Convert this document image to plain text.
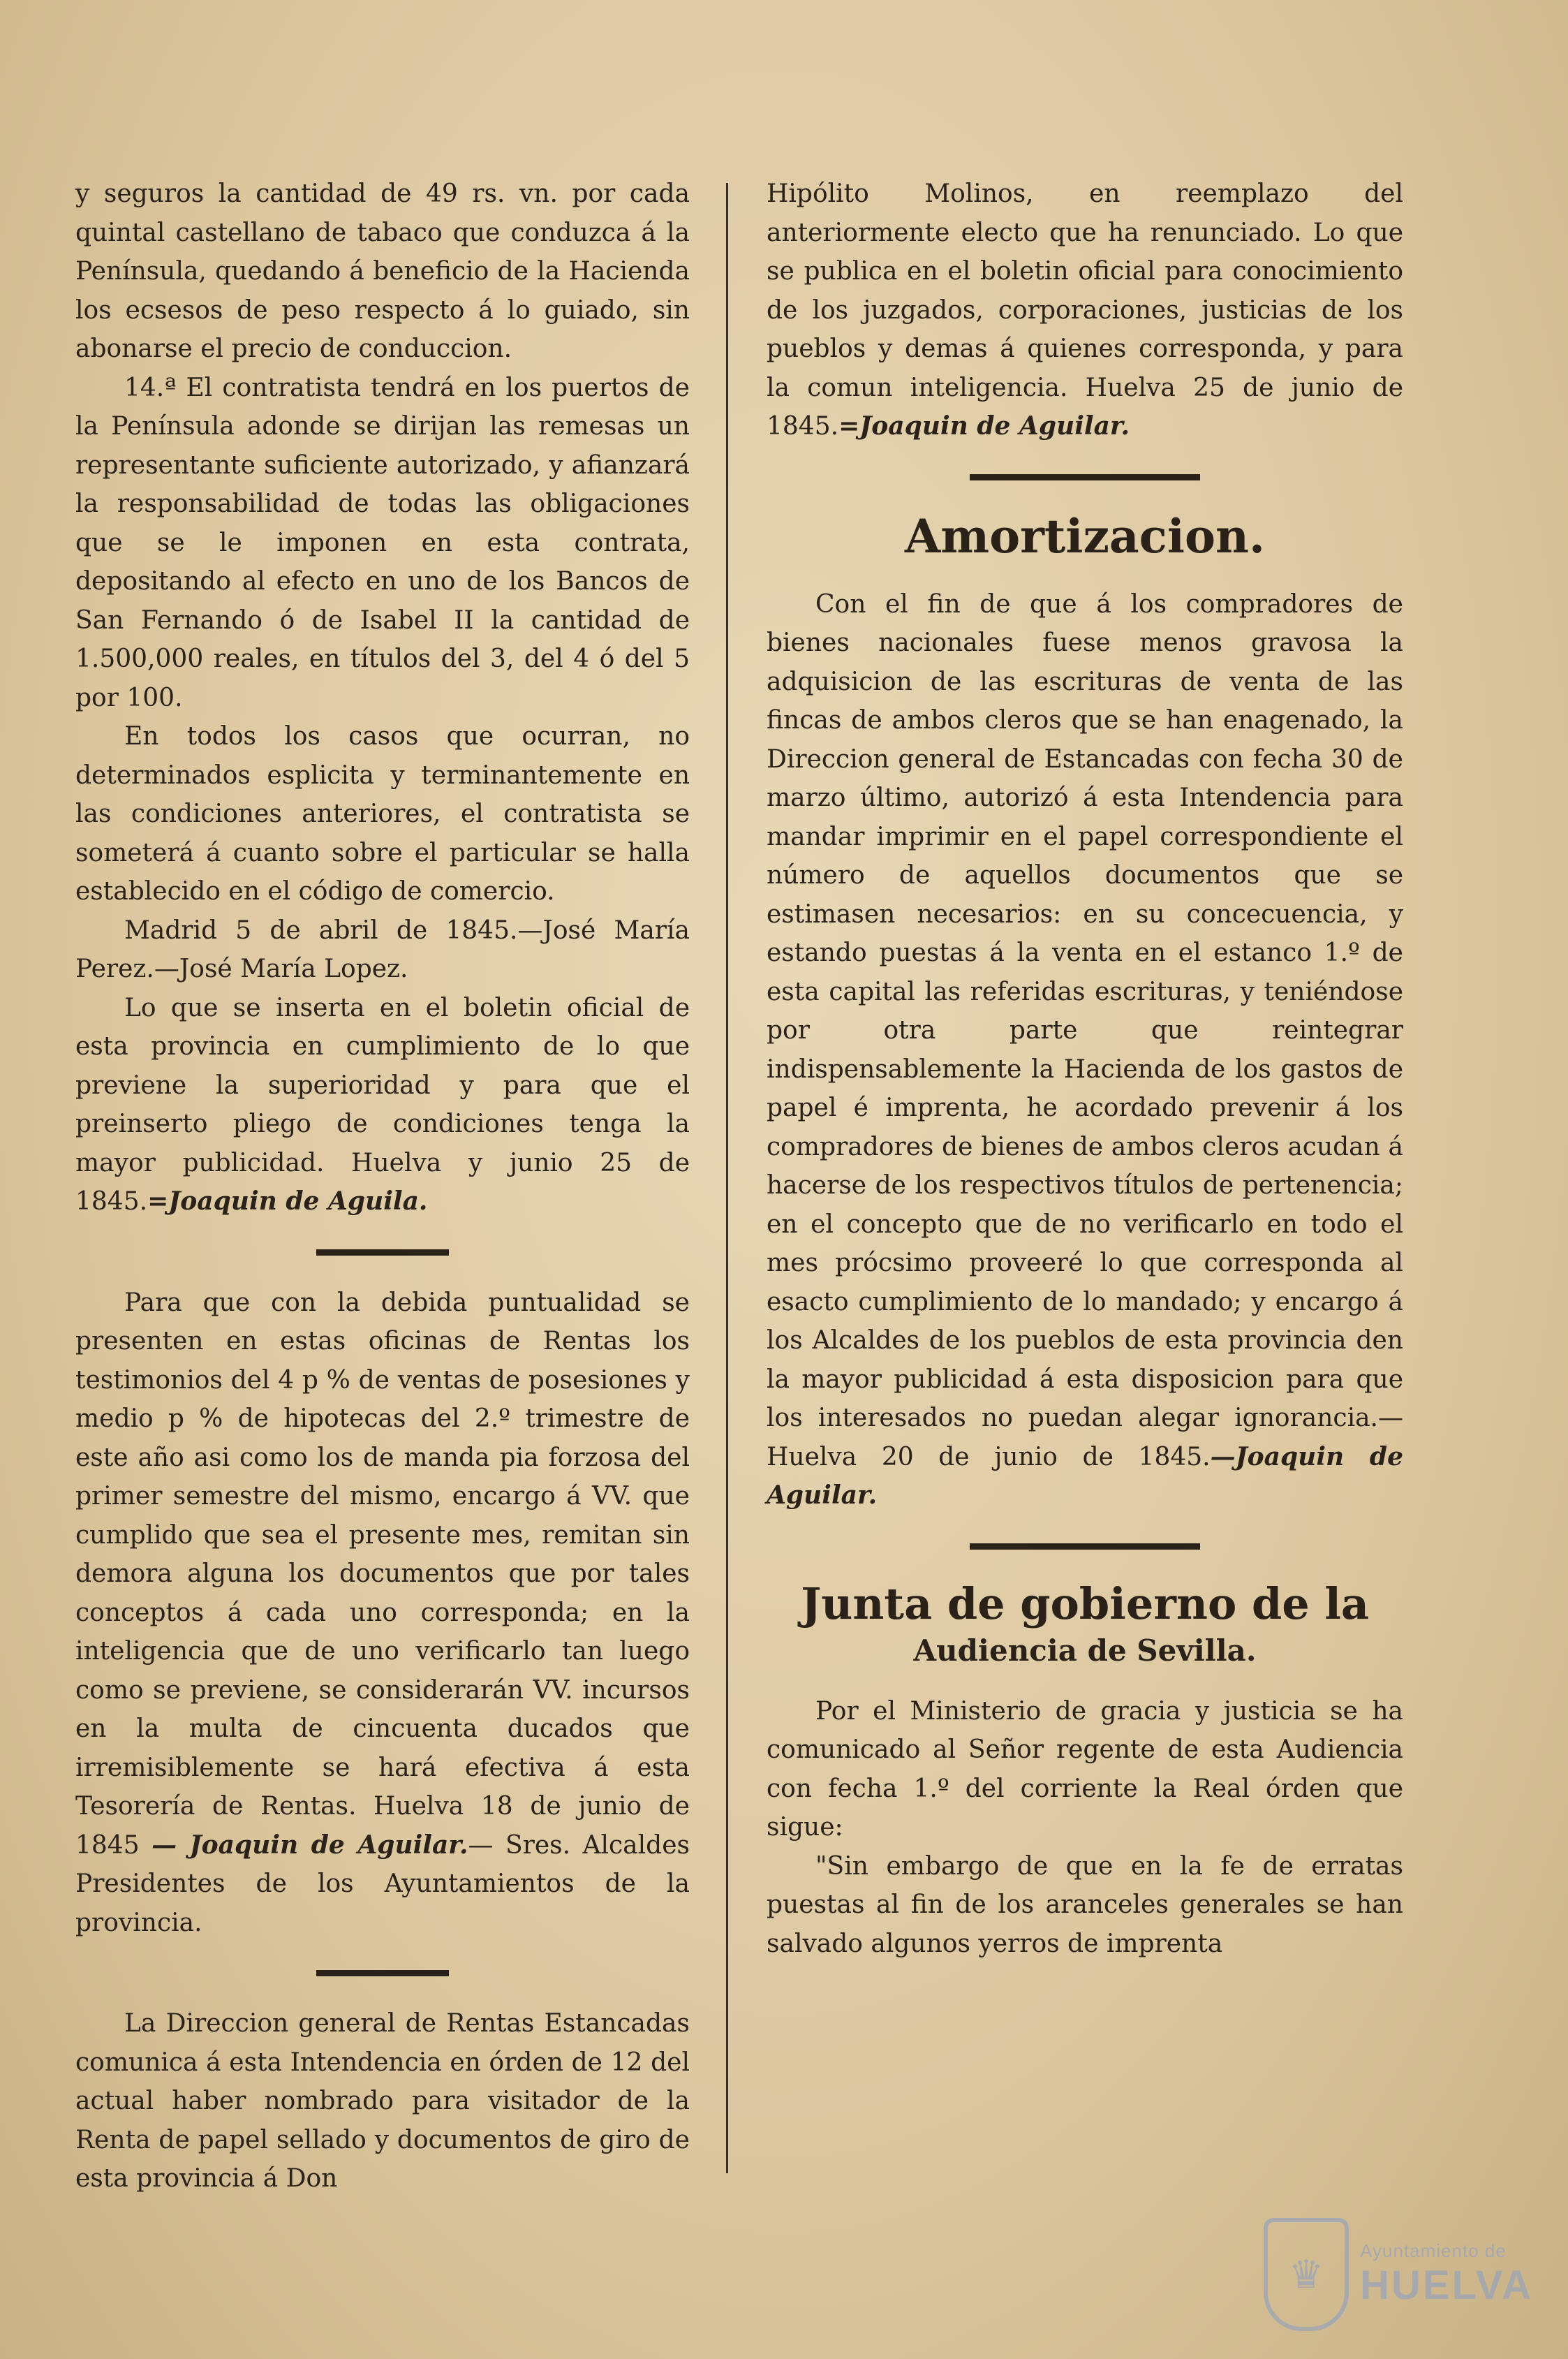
y seguros la cantidad de 49 rs. vn. por cada quintal castellano de tabaco que conduzca á la Península, quedando á beneficio de la Hacienda los ecsesos de peso respecto á lo guiado, sin abonarse el precio de conduccion.

14.ª El contratista tendrá en los puertos de la Península adonde se dirijan las remesas un representante suficiente autorizado, y afianzará la responsabilidad de todas las obligaciones que se le imponen en esta contrata, depositando al efecto en uno de los Bancos de San Fernando ó de Isabel II la cantidad de 1.500,000 reales, en títulos del 3, del 4 ó del 5 por 100.

En todos los casos que ocurran, no determinados esplicita y terminantemente en las condiciones anteriores, el contratista se someterá á cuanto sobre el particular se halla establecido en el código de comercio.

Madrid 5 de abril de 1845.—José María Perez.—José María Lopez.

Lo que se inserta en el boletin oficial de esta provincia en cumplimiento de lo que previene la superioridad y para que el preinserto pliego de condiciones tenga la mayor publicidad. Huelva y junio 25 de 1845.=Joaquin de Aguila.

Para que con la debida puntualidad se presenten en estas oficinas de Rentas los testimonios del 4 p % de ventas de posesiones y medio p % de hipotecas del 2.º trimestre de este año asi como los de manda pia forzosa del primer semestre del mismo, encargo á VV. que cumplido que sea el presente mes, remitan sin demora alguna los documentos que por tales conceptos á cada uno corresponda; en la inteligencia que de uno verificarlo tan luego como se previene, se considerarán VV. incursos en la multa de cincuenta ducados que irremisiblemente se hará efectiva á esta Tesorería de Rentas. Huelva 18 de junio de 1845 — Joaquin de Aguilar.— Sres. Alcaldes Presidentes de los Ayuntamientos de la provincia.

La Direccion general de Rentas Estancadas comunica á esta Intendencia en órden de 12 del actual haber nombrado para visitador de la Renta de papel sellado y documentos de giro de esta provincia á Don

Hipólito Molinos, en reemplazo del anteriormente electo que ha renunciado. Lo que se publica en el boletin oficial para conocimiento de los juzgados, corporaciones, justicias de los pueblos y demas á quienes corresponda, y para la comun inteligencia. Huelva 25 de junio de 1845.=Joaquin de Aguilar.

Amortizacion.

Con el fin de que á los compradores de bienes nacionales fuese menos gravosa la adquisicion de las escrituras de venta de las fincas de ambos cleros que se han enagenado, la Direccion general de Estancadas con fecha 30 de marzo último, autorizó á esta Intendencia para mandar imprimir en el papel correspondiente el número de aquellos documentos que se estimasen necesarios: en su concecuencia, y estando puestas á la venta en el estanco 1.º de esta capital las referidas escrituras, y teniéndose por otra parte que reintegrar indispensablemente la Hacienda de los gastos de papel é imprenta, he acordado prevenir á los compradores de bienes de ambos cleros acudan á hacerse de los respectivos títulos de pertenencia; en el concepto que de no verificarlo en todo el mes prócsimo proveeré lo que corresponda al esacto cumplimiento de lo mandado; y encargo á los Alcaldes de los pueblos de esta provincia den la mayor publicidad á esta disposicion para que los interesados no puedan alegar ignorancia.—Huelva 20 de junio de 1845.—Joaquin de Aguilar.

Junta de gobierno de la

Audiencia de Sevilla.

Por el Ministerio de gracia y justicia se ha comunicado al Señor regente de esta Audiencia con fecha 1.º del corriente la Real órden que sigue:

"Sin embargo de que en la fe de erratas puestas al fin de los aranceles generales se han salvado algunos yerros de imprenta

♛
Ayuntamiento de
HUELVA
